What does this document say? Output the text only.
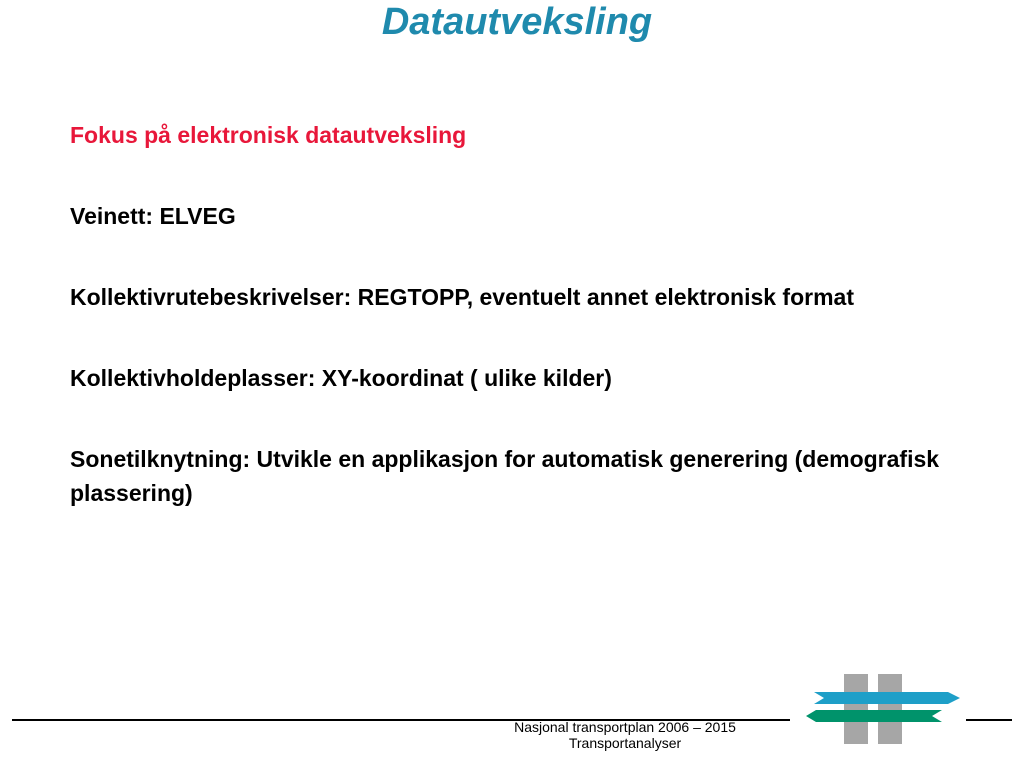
Datautveksling

Fokus på elektronisk datautveksling

Veinett: ELVEG

Kollektivrutebeskrivelser: REGTOPP, eventuelt annet elektronisk format

Kollektivholdeplasser: XY-koordinat ( ulike kilder)

Sonetilknytning: Utvikle en applikasjon for automatisk generering (demografisk plassering)

Nasjonal transportplan 2006 – 2015
Transportanalyser
